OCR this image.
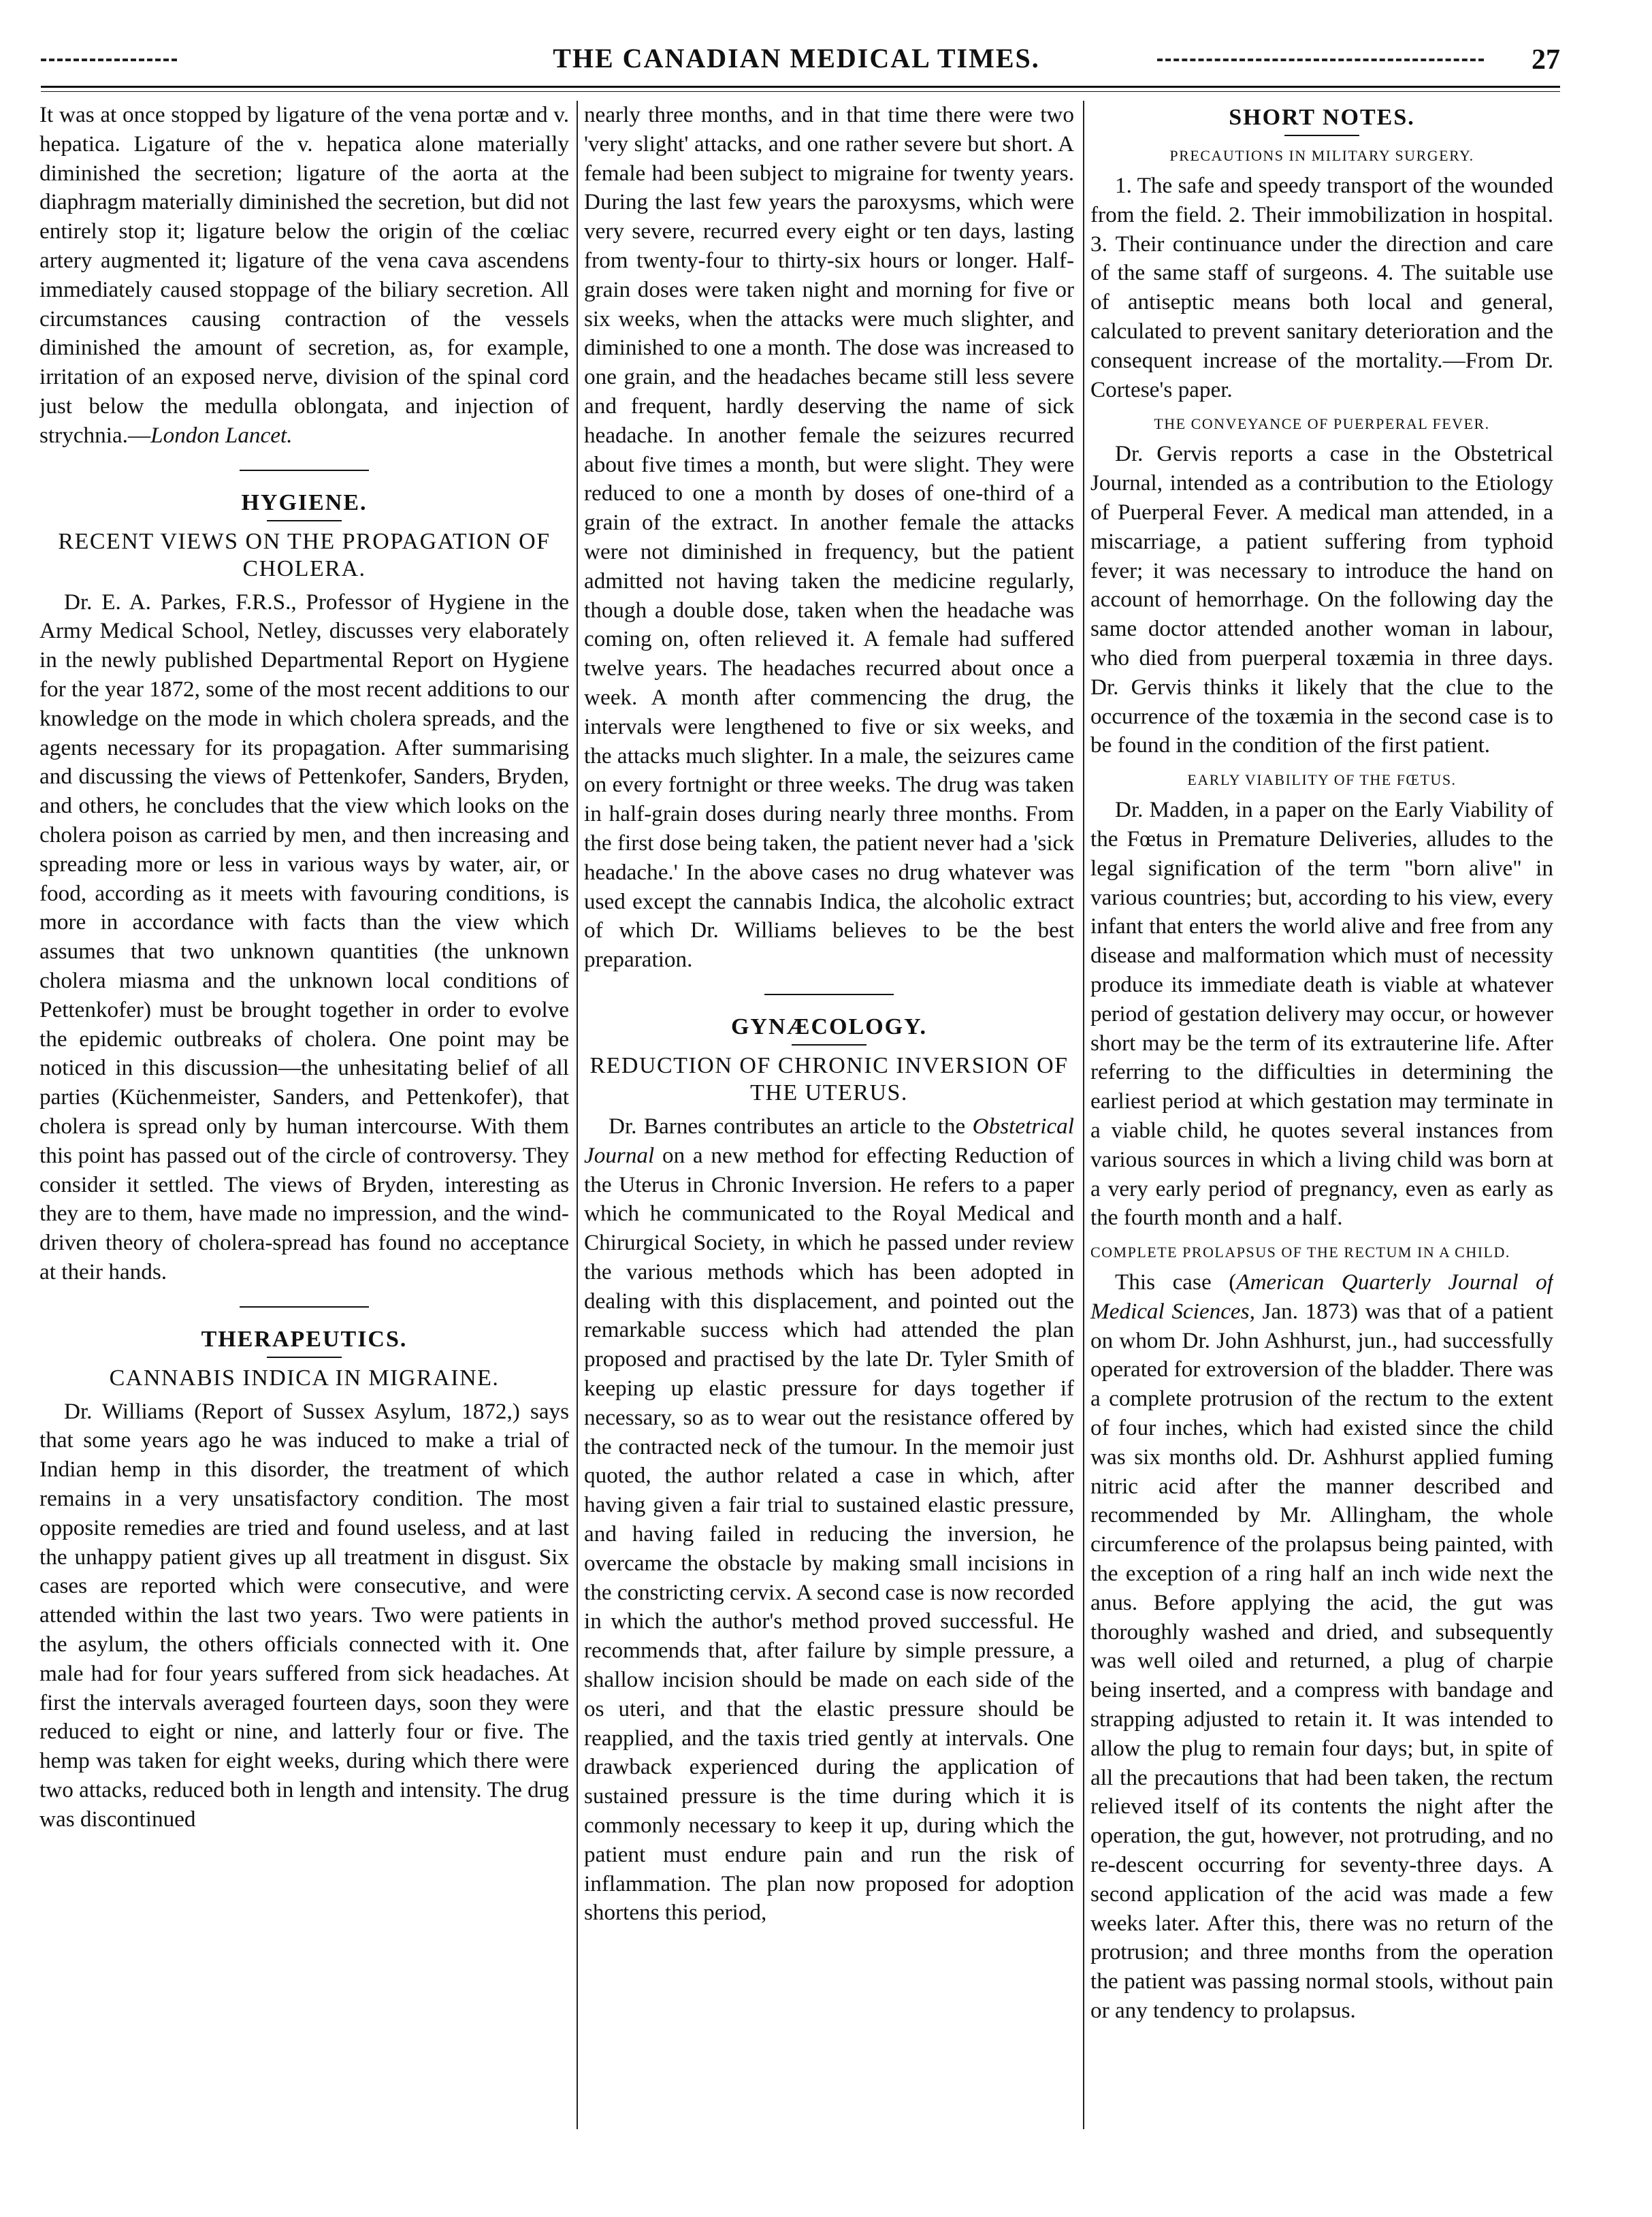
THE CANADIAN MEDICAL TIMES.	27

It was at once stopped by ligature of the vena portæ and v. hepatica. Ligature of the v. hepatica alone materially diminished the secretion; ligature of the aorta at the diaphragm materially diminished the secretion, but did not entirely stop it; ligature below the origin of the cœliac artery augmented it; ligature of the vena cava ascendens immediately caused stoppage of the biliary secretion. All circumstances causing contraction of the vessels diminished the amount of secretion, as, for example, irritation of an exposed nerve, division of the spinal cord just below the medulla oblongata, and injection of strychnia.—London Lancet.

HYGIENE.
RECENT VIEWS ON THE PROPAGATION OF CHOLERA.

Dr. E. A. Parkes, F.R.S., Professor of Hygiene in the Army Medical School, Netley, discusses very elaborately in the newly published Departmental Report on Hygiene for the year 1872, some of the most recent additions to our knowledge on the mode in which cholera spreads, and the agents necessary for its propagation. After summarising and discussing the views of Pettenkofer, Sanders, Bryden, and others, he concludes that the view which looks on the cholera poison as carried by men, and then increasing and spreading more or less in various ways by water, air, or food, according as it meets with favouring conditions, is more in accordance with facts than the view which assumes that two unknown quantities (the unknown cholera miasma and the unknown local conditions of Pettenkofer) must be brought together in order to evolve the epidemic outbreaks of cholera. One point may be noticed in this discussion—the unhesitating belief of all parties (Küchenmeister, Sanders, and Pettenkofer), that cholera is spread only by human intercourse. With them this point has passed out of the circle of controversy. They consider it settled. The views of Bryden, interesting as they are to them, have made no impression, and the wind-driven theory of cholera-spread has found no acceptance at their hands.

THERAPEUTICS.
CANNABIS INDICA IN MIGRAINE.

Dr. Williams (Report of Sussex Asylum, 1872,) says that some years ago he was induced to make a trial of Indian hemp in this disorder, the treatment of which remains in a very unsatisfactory condition. The most opposite remedies are tried and found useless, and at last the unhappy patient gives up all treatment in disgust. Six cases are reported which were consecutive, and were attended within the last two years. Two were patients in the asylum, the others officials connected with it. One male had for four years suffered from sick headaches. At first the intervals averaged fourteen days, soon they were reduced to eight or nine, and latterly four or five. The hemp was taken for eight weeks, during which there were two attacks, reduced both in length and intensity. The drug was discontinued

nearly three months, and in that time there were two 'very slight' attacks, and one rather severe but short. A female had been subject to migraine for twenty years. During the last few years the paroxysms, which were very severe, recurred every eight or ten days, lasting from twenty-four to thirty-six hours or longer. Half-grain doses were taken night and morning for five or six weeks, when the attacks were much slighter, and diminished to one a month. The dose was increased to one grain, and the headaches became still less severe and frequent, hardly deserving the name of sick headache. In another female the seizures recurred about five times a month, but were slight. They were reduced to one a month by doses of one-third of a grain of the extract. In another female the attacks were not diminished in frequency, but the patient admitted not having taken the medicine regularly, though a double dose, taken when the headache was coming on, often relieved it. A female had suffered twelve years. The headaches recurred about once a week. A month after commencing the drug, the intervals were lengthened to five or six weeks, and the attacks much slighter. In a male, the seizures came on every fortnight or three weeks. The drug was taken in half-grain doses during nearly three months. From the first dose being taken, the patient never had a 'sick headache.' In the above cases no drug whatever was used except the cannabis Indica, the alcoholic extract of which Dr. Williams believes to be the best preparation.

GYNÆCOLOGY.
REDUCTION OF CHRONIC INVERSION OF THE UTERUS.

Dr. Barnes contributes an article to the Obstetrical Journal on a new method for effecting Reduction of the Uterus in Chronic Inversion. He refers to a paper which he communicated to the Royal Medical and Chirurgical Society, in which he passed under review the various methods which has been adopted in dealing with this displacement, and pointed out the remarkable success which had attended the plan proposed and practised by the late Dr. Tyler Smith of keeping up elastic pressure for days together if necessary, so as to wear out the resistance offered by the contracted neck of the tumour. In the memoir just quoted, the author related a case in which, after having given a fair trial to sustained elastic pressure, and having failed in reducing the inversion, he overcame the obstacle by making small incisions in the constricting cervix. A second case is now recorded in which the author's method proved successful. He recommends that, after failure by simple pressure, a shallow incision should be made on each side of the os uteri, and that the elastic pressure should be reapplied, and the taxis tried gently at intervals. One drawback experienced during the application of sustained pressure is the time during which it is commonly necessary to keep it up, during which the patient must endure pain and run the risk of inflammation. The plan now proposed for adoption shortens this period,

SHORT NOTES.
PRECAUTIONS IN MILITARY SURGERY.

1. The safe and speedy transport of the wounded from the field. 2. Their immobilization in hospital. 3. Their continuance under the direction and care of the same staff of surgeons. 4. The suitable use of antiseptic means both local and general, calculated to prevent sanitary deterioration and the consequent increase of the mortality.—From Dr. Cortese's paper.

THE CONVEYANCE OF PUERPERAL FEVER.

Dr. Gervis reports a case in the Obstetrical Journal, intended as a contribution to the Etiology of Puerperal Fever. A medical man attended, in a miscarriage, a patient suffering from typhoid fever; it was necessary to introduce the hand on account of hemorrhage. On the following day the same doctor attended another woman in labour, who died from puerperal toxæmia in three days. Dr. Gervis thinks it likely that the clue to the occurrence of the toxæmia in the second case is to be found in the condition of the first patient.

EARLY VIABILITY OF THE FŒTUS.

Dr. Madden, in a paper on the Early Viability of the Fœtus in Premature Deliveries, alludes to the legal signification of the term "born alive" in various countries; but, according to his view, every infant that enters the world alive and free from any disease and malformation which must of necessity produce its immediate death is viable at whatever period of gestation delivery may occur, or however short may be the term of its extrauterine life. After referring to the difficulties in determining the earliest period at which gestation may terminate in a viable child, he quotes several instances from various sources in which a living child was born at a very early period of pregnancy, even as early as the fourth month and a half.

COMPLETE PROLAPSUS OF THE RECTUM IN A CHILD.

This case (American Quarterly Journal of Medical Sciences, Jan. 1873) was that of a patient on whom Dr. John Ashhurst, jun., had successfully operated for extroversion of the bladder. There was a complete protrusion of the rectum to the extent of four inches, which had existed since the child was six months old. Dr. Ashhurst applied fuming nitric acid after the manner described and recommended by Mr. Allingham, the whole circumference of the prolapsus being painted, with the exception of a ring half an inch wide next the anus. Before applying the acid, the gut was thoroughly washed and dried, and subsequently was well oiled and returned, a plug of charpie being inserted, and a compress with bandage and strapping adjusted to retain it. It was intended to allow the plug to remain four days; but, in spite of all the precautions that had been taken, the rectum relieved itself of its contents the night after the operation, the gut, however, not protruding, and no re-descent occurring for seventy-three days. A second application of the acid was made a few weeks later. After this, there was no return of the protrusion; and three months from the operation the patient was passing normal stools, without pain or any tendency to prolapsus.
